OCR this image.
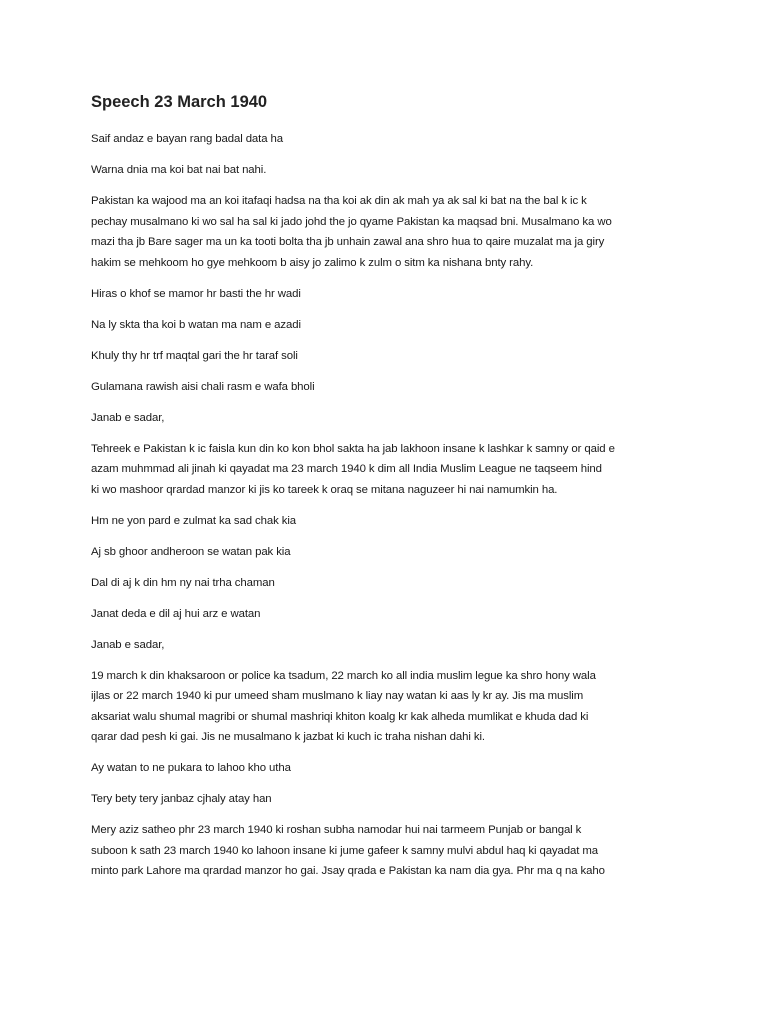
Speech 23 March 1940

Saif andaz e bayan rang badal data ha

Warna dnia ma koi bat nai bat nahi.

Pakistan ka wajood ma an koi itafaqi hadsa na tha koi ak din ak mah ya ak sal ki bat na the bal k ic k
pechay musalmano ki wo sal ha sal ki jado johd the jo qyame Pakistan ka maqsad bni. Musalmano ka wo
mazi tha jb Bare sager ma un ka tooti bolta tha jb unhain zawal ana shro hua to qaire muzalat ma ja giry
hakim se mehkoom ho gye mehkoom b aisy jo zalimo k zulm o sitm ka nishana bnty rahy.

Hiras o khof se mamor hr basti the hr wadi

Na ly skta tha koi b watan ma nam e azadi

Khuly thy hr trf maqtal gari the hr taraf soli

Gulamana rawish aisi chali rasm e wafa bholi

Janab e sadar,

Tehreek e Pakistan k ic faisla kun din ko kon bhol sakta ha jab lakhoon insane k lashkar k samny or qaid e
azam muhmmad ali jinah ki qayadat ma 23 march 1940 k dim all India Muslim League ne taqseem hind
ki wo mashoor qrardad manzor ki jis ko tareek k oraq se mitana naguzeer hi nai namumkin ha.

Hm ne yon pard e zulmat ka sad chak kia

Aj sb ghoor andheroon se watan pak kia

Dal di aj k din hm ny nai trha chaman

Janat deda e dil aj hui arz e watan

Janab e sadar,

19 march k din khaksaroon or police ka tsadum, 22 march ko all india muslim legue ka shro hony wala
ijlas or 22 march 1940 ki pur umeed sham muslmano k liay nay watan ki aas ly kr ay. Jis ma muslim
aksariat walu shumal magribi or shumal mashriqi khiton koalg kr kak alheda mumlikat e khuda dad ki
qarar dad pesh ki gai. Jis ne musalmano k jazbat ki kuch ic traha nishan dahi ki.

Ay watan to ne pukara to lahoo kho utha

Tery bety tery janbaz cjhaly atay han

Mery aziz satheo phr 23 march 1940 ki roshan subha namodar hui nai tarmeem Punjab or bangal k
suboon k sath 23 march 1940 ko lahoon insane ki jume gafeer k samny mulvi abdul haq ki qayadat ma
minto park Lahore ma qrardad manzor ho gai. Jsay qrada e Pakistan ka nam dia gya. Phr ma q na kaho
